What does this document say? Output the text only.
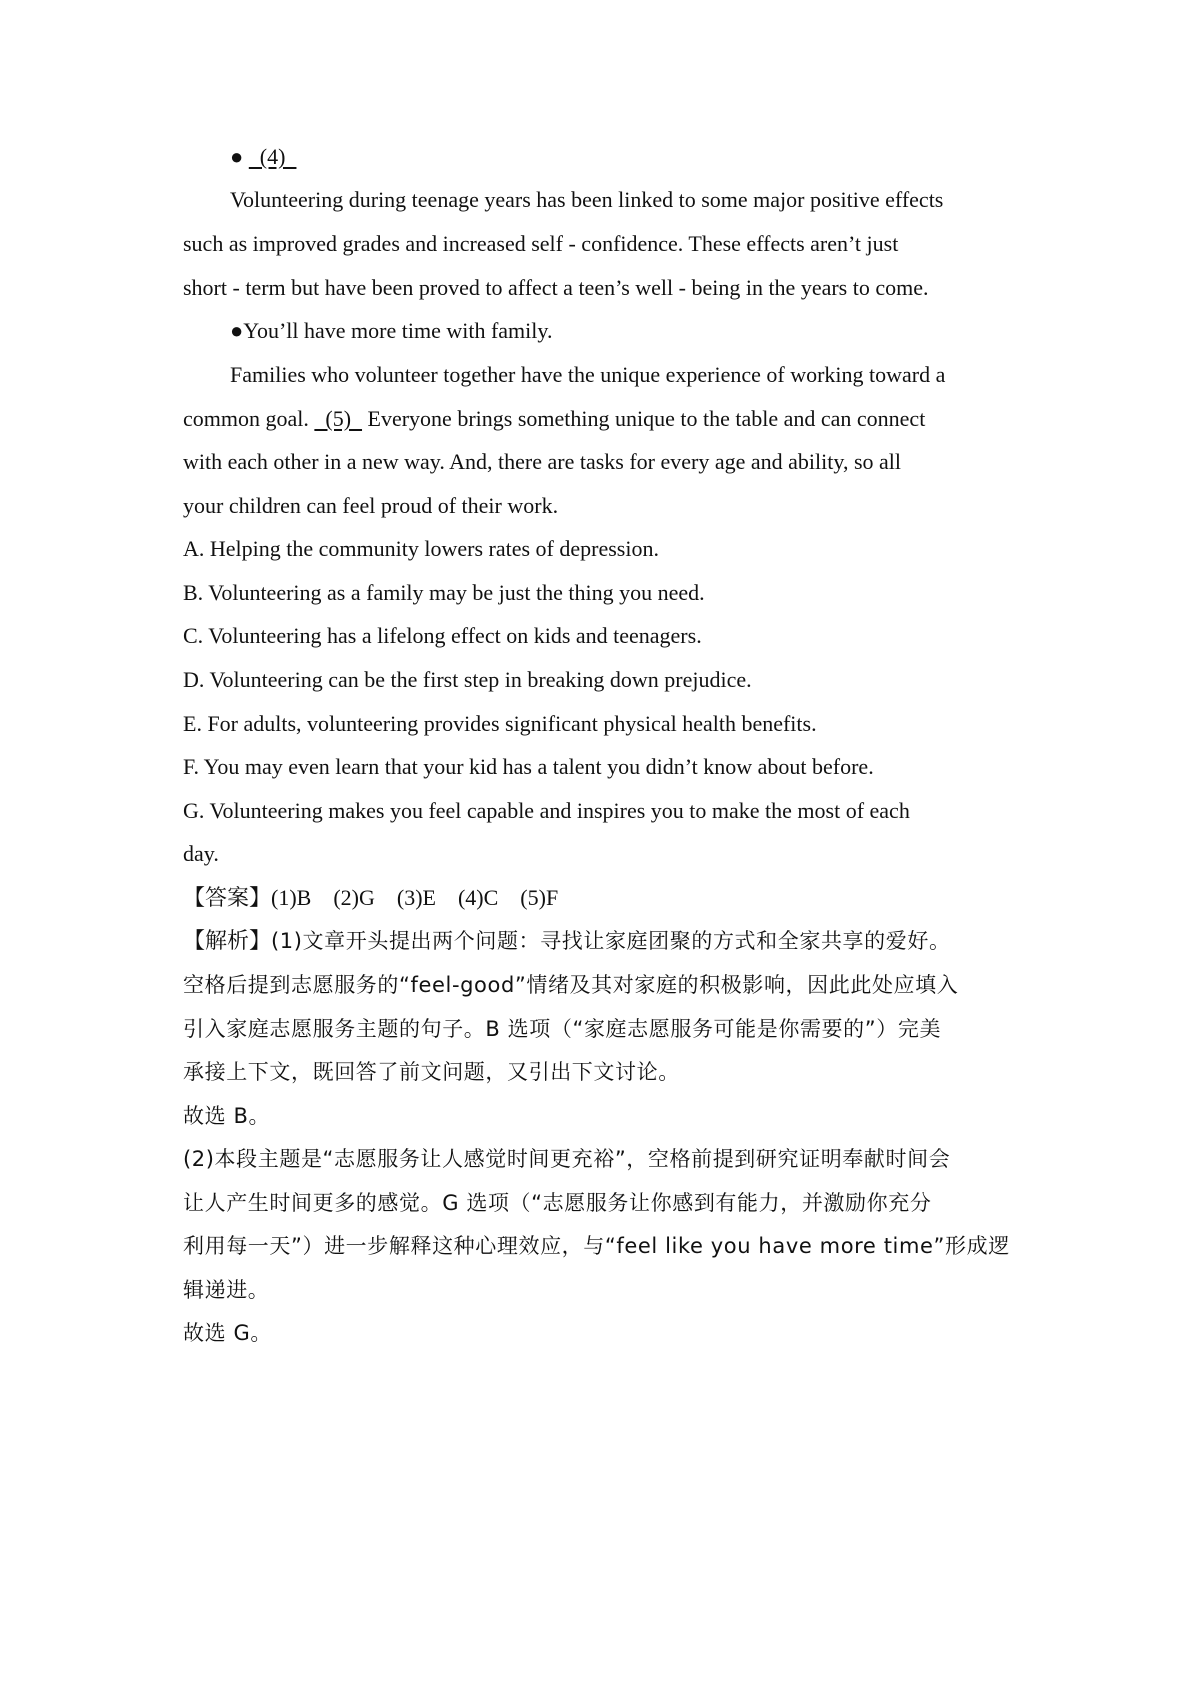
●   (4)
Volunteering during teenage years has been linked to some major positive effects
such as improved grades and increased self - confidence. These effects aren’t just
short - term but have been proved to affect a teen’s well - being in the years to come.
●You’ll have more time with family.
Families who volunteer together have the unique experience of working toward a
common goal.   (5)   Everyone brings something unique to the table and can connect
with each other in a new way. And, there are tasks for every age and ability, so all
your children can feel proud of their work.
A. Helping the community lowers rates of depression.
B. Volunteering as a family may be just the thing you need.
C. Volunteering has a lifelong effect on kids and teenagers.
D. Volunteering can be the first step in breaking down prejudice.
E. For adults, volunteering provides significant physical health benefits.
F. You may even learn that your kid has a talent you didn’t know about before.
G. Volunteering makes you feel capable and inspires you to make the most of each
day.
【答案】(1)B    (2)G    (3)E    (4)C    (5)F
【解析】(1)文章开头提出两个问题：寻找让家庭团聚的方式和全家共享的爱好。
空格后提到志愿服务的“feel-good”情绪及其对家庭的积极影响，因此此处应填入
引入家庭志愿服务主题的句子。B 选项（“家庭志愿服务可能是你需要的”）完美
承接上下文，既回答了前文问题，又引出下文讨论。
故选 B。
(2)本段主题是“志愿服务让人感觉时间更充裕”，空格前提到研究证明奉献时间会
让人产生时间更多的感觉。G 选项（“志愿服务让你感到有能力，并激励你充分
利用每一天”）进一步解释这种心理效应，与“feel like you have more time”形成逻
辑递进。
故选 G。
